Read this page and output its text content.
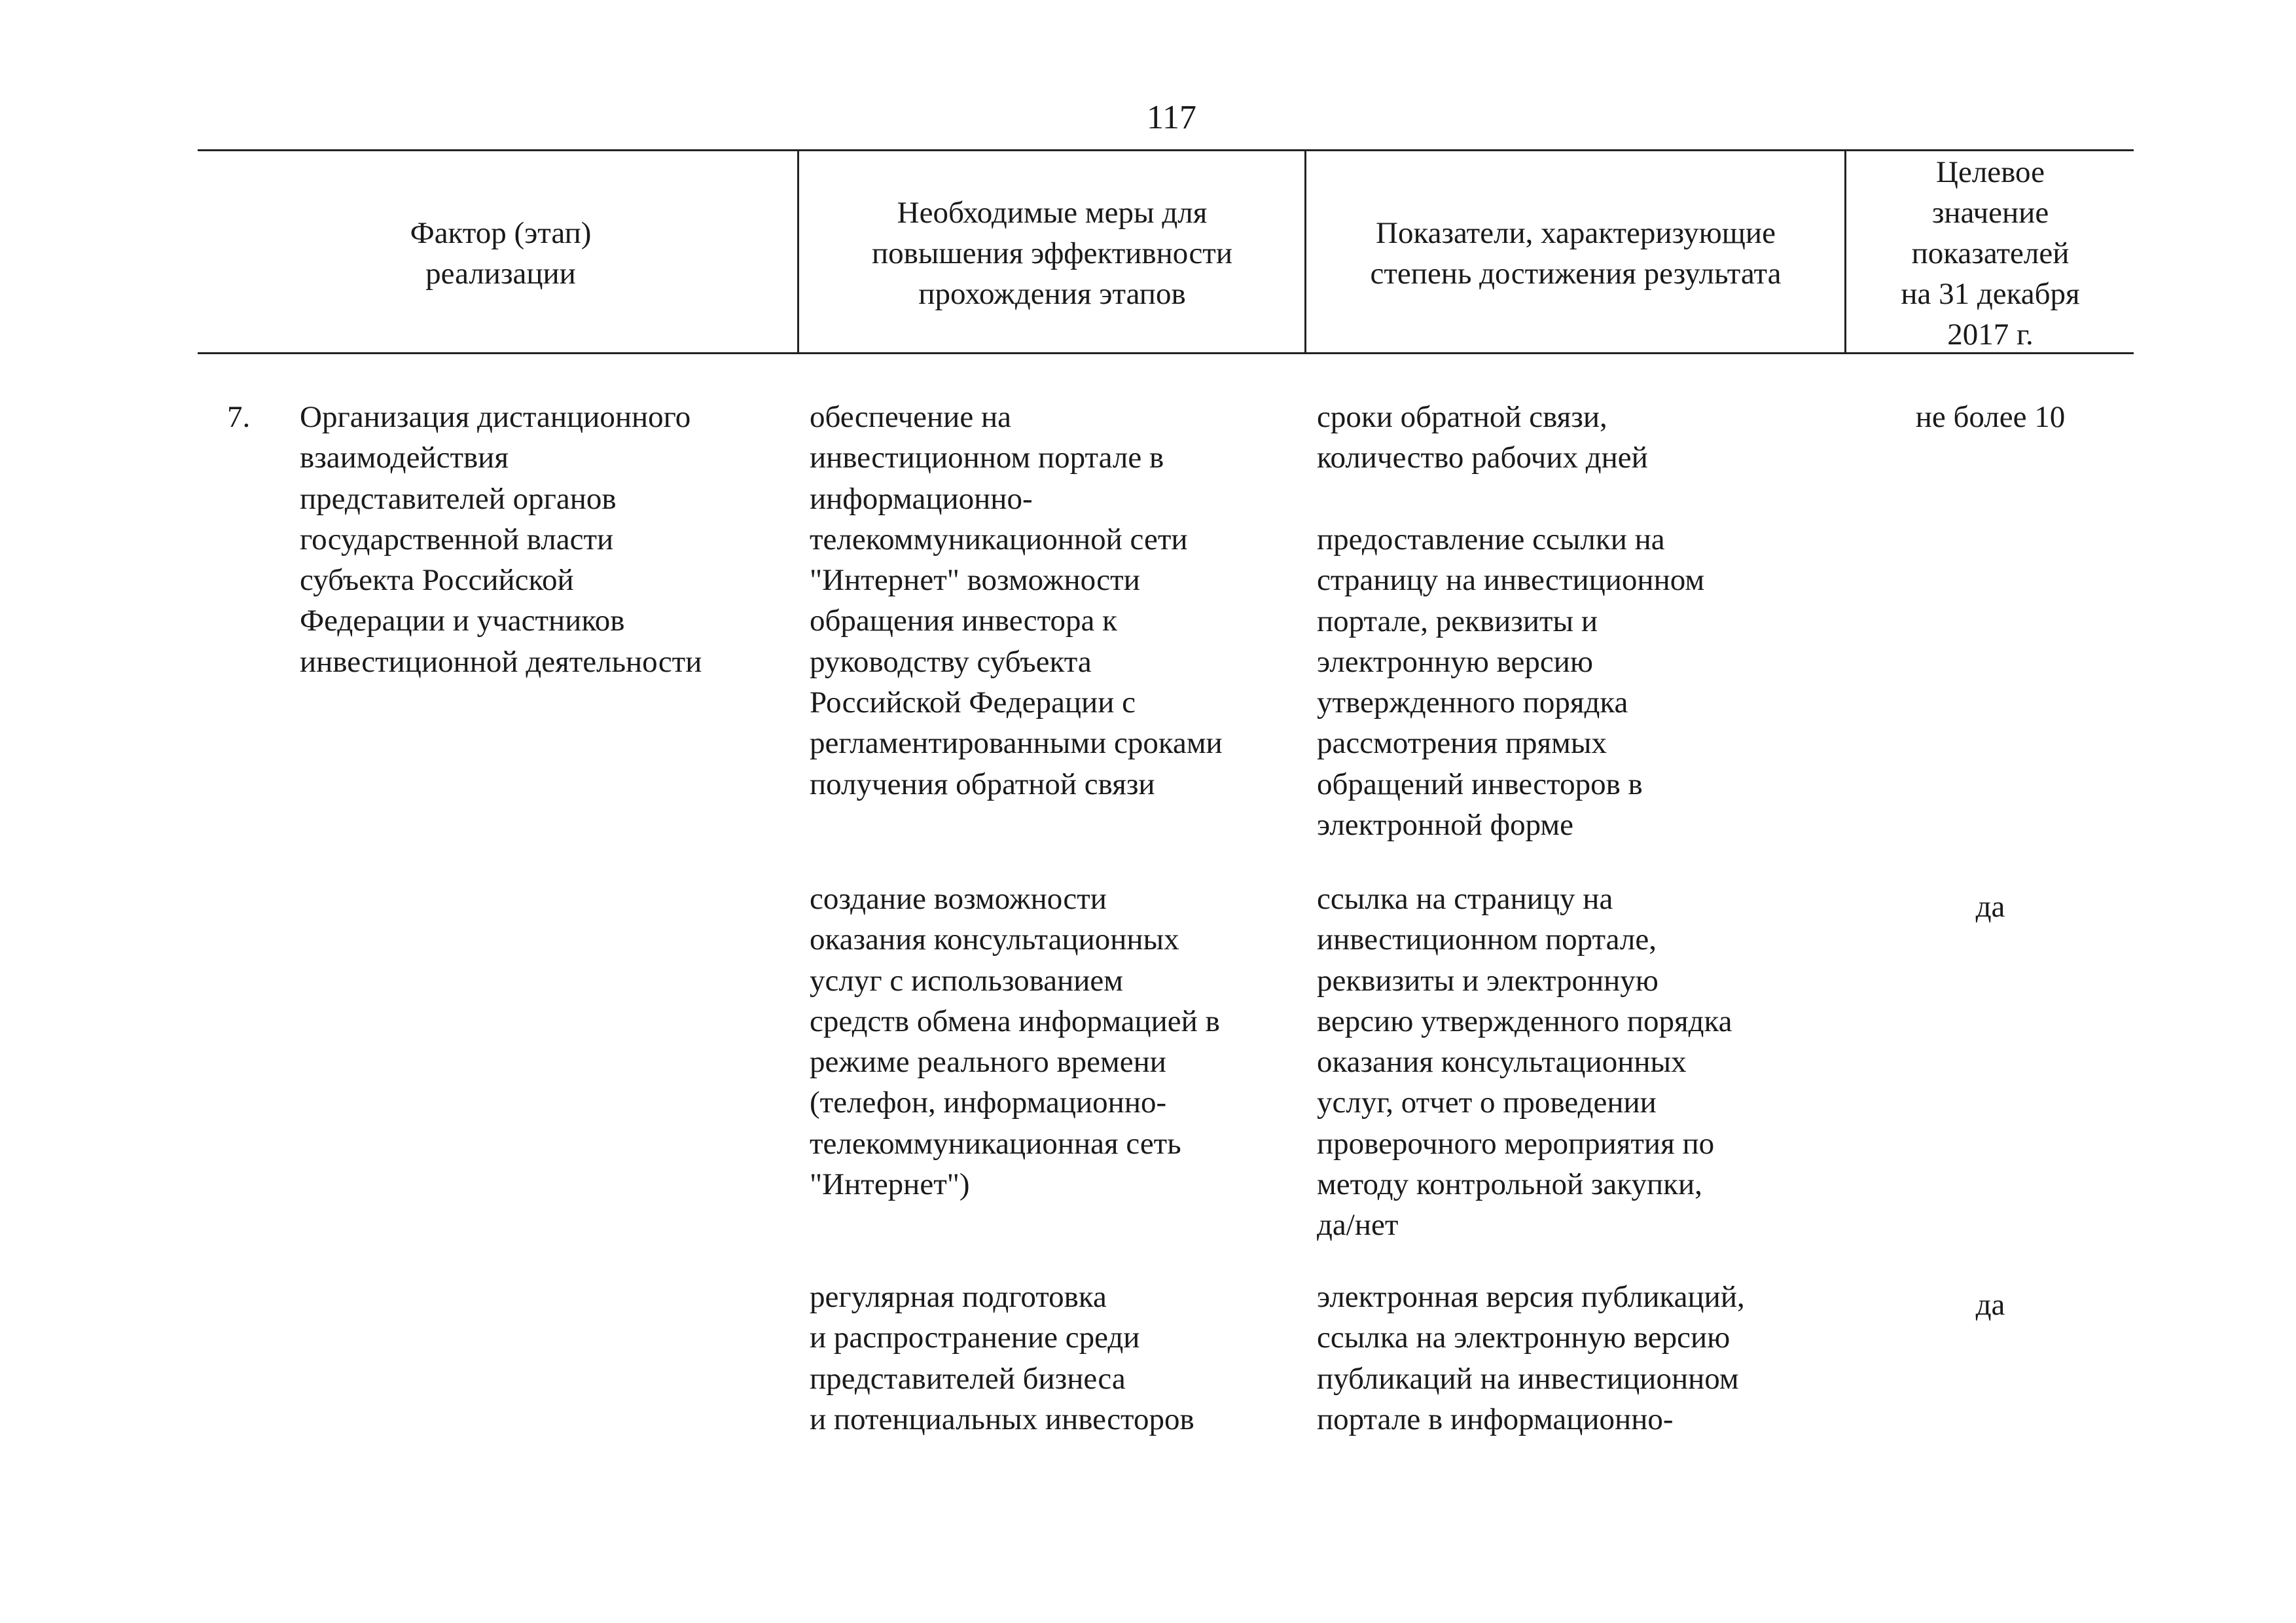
117
Фактор (этап)
реализации
Необходимые меры для
повышения эффективности
прохождения этапов
Показатели, характеризующие
степень достижения результата
Целевое
значение
показателей
на 31 декабря
2017 г.
7. Организация дистанционного
взаимодействия
представителей органов
государственной власти
субъекта Российской
Федерации и участников
инвестиционной деятельности
обеспечение на
инвестиционном портале в
информационно-
телекоммуникационной сети
"Интернет" возможности
обращения инвестора к
руководству субъекта
Российской Федерации с
регламентированными сроками
получения обратной связи
сроки обратной связи,
количество рабочих дней
предоставление ссылки на
страницу на инвестиционном
портале, реквизиты и
электронную версию
утвержденного порядка
рассмотрения прямых
обращений инвесторов в
электронной форме
не более 10
создание возможности
оказания консультационных
услуг с использованием
средств обмена информацией в
режиме реального времени
(телефон, информационно-
телекоммуникационная сеть
"Интернет")
ссылка на страницу на
инвестиционном портале,
реквизиты и электронную
версию утвержденного порядка
оказания консультационных
услуг, отчет о проведении
проверочного мероприятия по
методу контрольной закупки,
да/нет
да
регулярная подготовка
и распространение среди
представителей бизнеса
и потенциальных инвесторов
электронная версия публикаций,
ссылка на электронную версию
публикаций на инвестиционном
портале в информационно-
да
